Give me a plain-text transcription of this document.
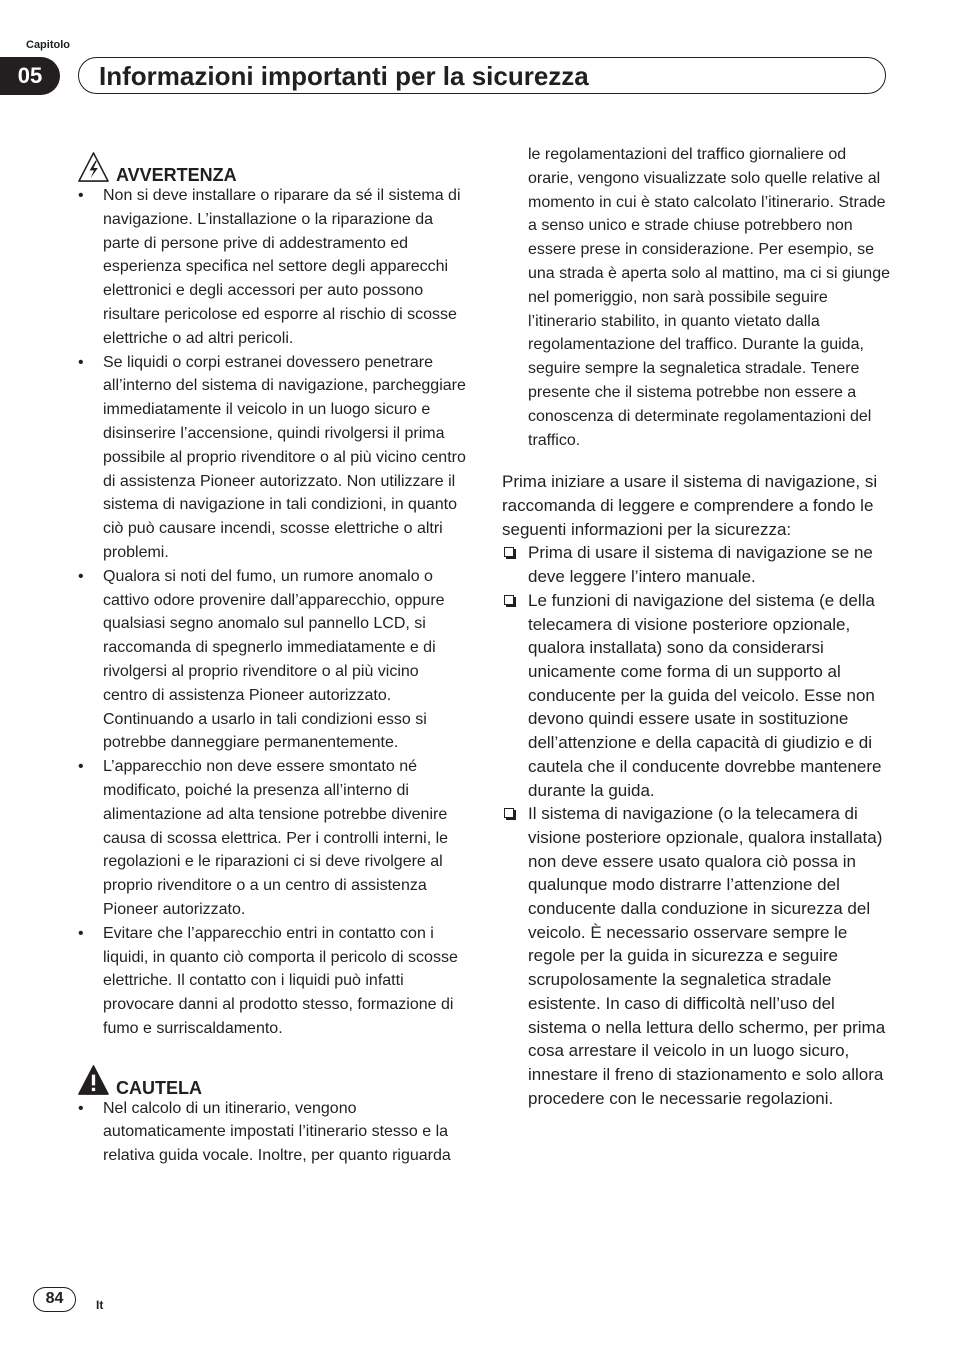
Capitolo
05	Informazioni importanti per la sicurezza
AVVERTENZA
• Non si deve installare o riparare da sé il sistema di navigazione. L’installazione o la riparazione da parte di persone prive di addestramento ed esperienza specifica nel settore degli apparecchi elettronici e degli accessori per auto possono risultare pericolose ed esporre al rischio di scosse elettriche o ad altri pericoli.
• Se liquidi o corpi estranei dovessero penetrare all’interno del sistema di navigazione, parcheggiare immediatamente il veicolo in un luogo sicuro e disinserire l’accensione, quindi rivolgersi il prima possibile al proprio rivenditore o al più vicino centro di assistenza Pioneer autorizzato. Non utilizzare il sistema di navigazione in tali condizioni, in quanto ciò può causare incendi, scosse elettriche o altri problemi.
• Qualora si noti del fumo, un rumore anomalo o cattivo odore provenire dall’apparecchio, oppure qualsiasi segno anomalo sul pannello LCD, si raccomanda di spegnerlo immediatamente e di rivolgersi al proprio rivenditore o al più vicino centro di assistenza Pioneer autorizzato. Continuando a usarlo in tali condizioni esso si potrebbe danneggiare permanentemente.
• L’apparecchio non deve essere smontato né modificato, poiché la presenza all’interno di alimentazione ad alta tensione potrebbe divenire causa di scossa elettrica. Per i controlli interni, le regolazioni e le riparazioni ci si deve rivolgere al proprio rivenditore o a un centro di assistenza Pioneer autorizzato.
• Evitare che l’apparecchio entri in contatto con i liquidi, in quanto ciò comporta il pericolo di scosse elettriche. Il contatto con i liquidi può infatti provocare danni al prodotto stesso, formazione di fumo e surriscaldamento.
CAUTELA
• Nel calcolo di un itinerario, vengono automaticamente impostati l’itinerario stesso e la relativa guida vocale. Inoltre, per quanto riguarda
le regolamentazioni del traffico giornaliere od orarie, vengono visualizzate solo quelle relative al momento in cui è stato calcolato l’itinerario. Strade a senso unico e strade chiuse potrebbero non essere prese in considerazione. Per esempio, se una strada è aperta solo al mattino, ma ci si giunge nel pomeriggio, non sarà possibile seguire l’itinerario stabilito, in quanto vietato dalla regolamentazione del traffico. Durante la guida, seguire sempre la segnaletica stradale. Tenere presente che il sistema potrebbe non essere a conoscenza di determinate regolamentazioni del traffico.

Prima iniziare a usare il sistema di navigazione, si raccomanda di leggere e comprendere a fondo le seguenti informazioni per la sicurezza:

Prima di usare il sistema di navigazione se ne deve leggere l’intero manuale.
Le funzioni di navigazione del sistema (e della telecamera di visione posteriore opzionale, qualora installata) sono da considerarsi unicamente come forma di un supporto al conducente per la guida del veicolo. Esse non devono quindi essere usate in sostituzione dell’attenzione e della capacità di giudizio e di cautela che il conducente dovrebbe mantenere durante la guida.
Il sistema di navigazione (o la telecamera di visione posteriore opzionale, qualora installata) non deve essere usato qualora ciò possa in qualunque modo distrarre l’attenzione del conducente dalla conduzione in sicurezza del veicolo. È necessario osservare sempre le regole per la guida in sicurezza e seguire scrupolosamente la segnaletica stradale esistente. In caso di difficoltà nell’uso del sistema o nella lettura dello schermo, per prima cosa arrestare il veicolo in un luogo sicuro, innestare il freno di stazionamento e solo allora procedere con le necessarie regolazioni.
84	It
